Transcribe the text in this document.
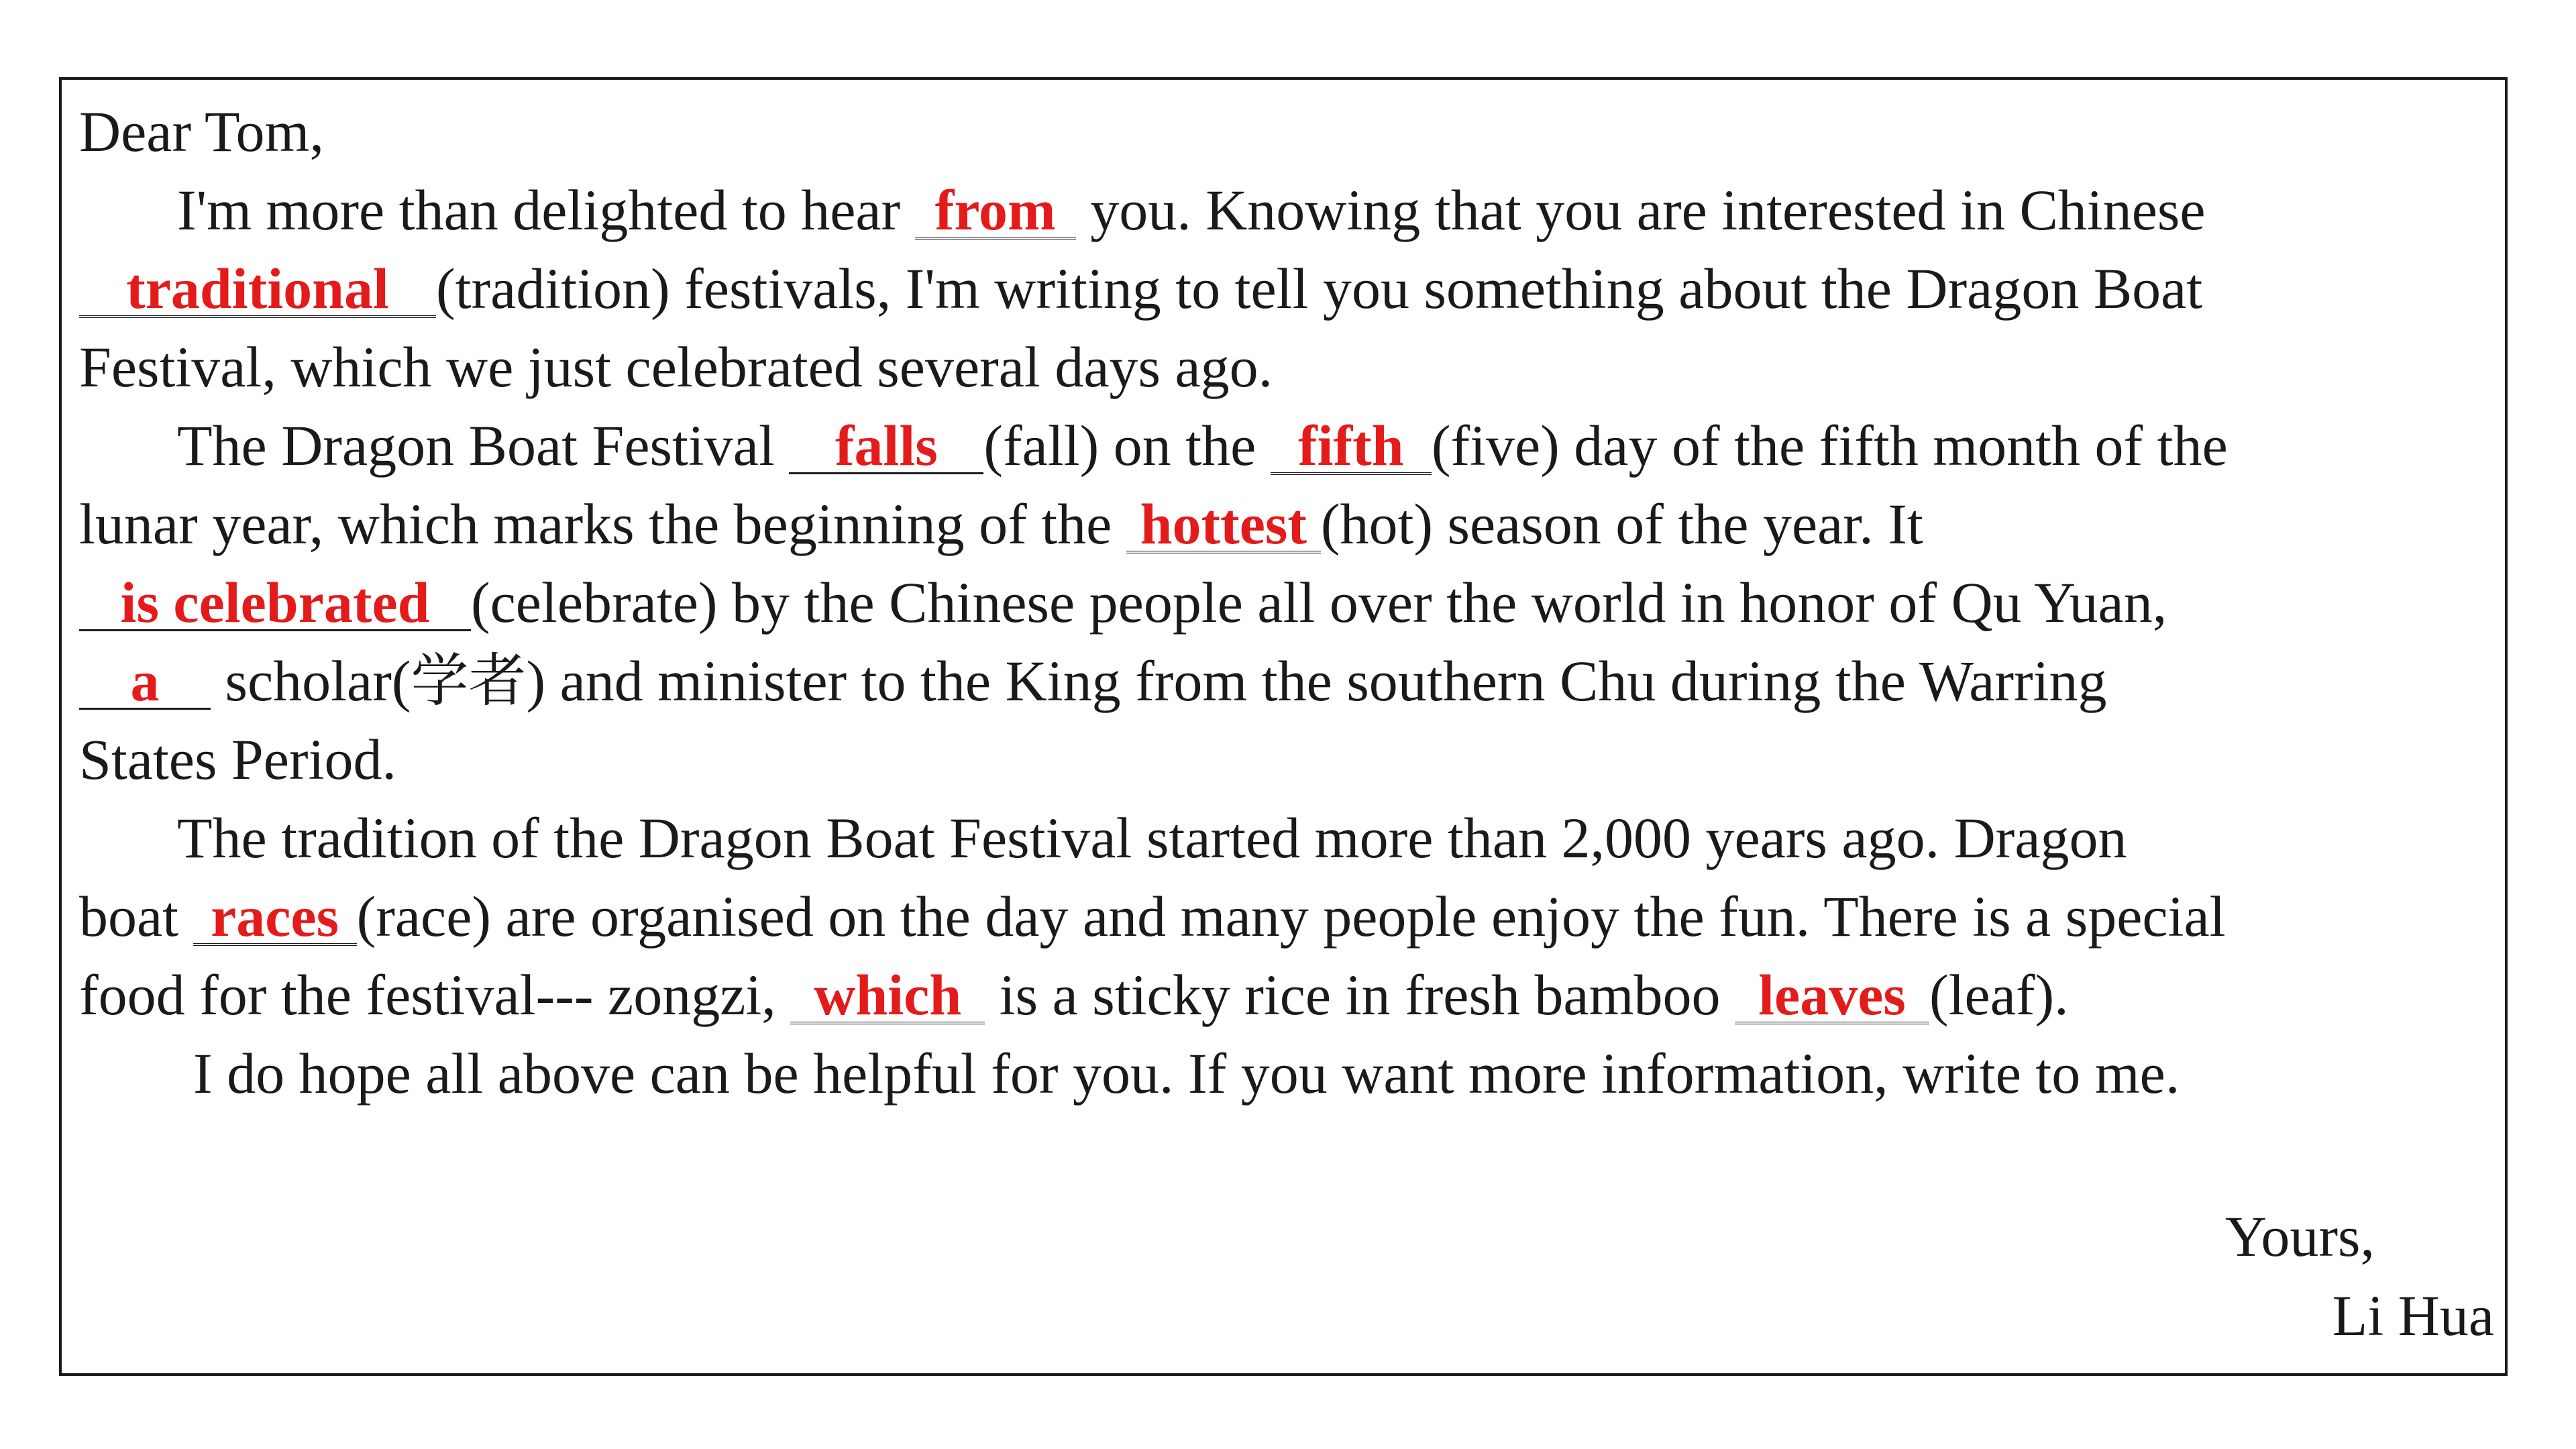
Dear Tom,
I'm more than delighted to hear from you. Knowing that you are interested in Chinese
traditional (tradition) festivals, I'm writing to tell you something about the Dragon Boat
Festival, which we just celebrated several days ago.
The Dragon Boat Festival falls (fall) on the fifth (five) day of the fifth month of the
lunar year, which marks the beginning of the hottest (hot) season of the year. It
is celebrated (celebrate) by the Chinese people all over the world in honor of Qu Yuan,
a scholar(学者) and minister to the King from the southern Chu during the Warring
States Period.
The tradition of the Dragon Boat Festival started more than 2,000 years ago. Dragon
boat races (race) are organised on the day and many people enjoy the fun. There is a special
food for the festival--- zongzi, which is a sticky rice in fresh bamboo leaves (leaf).
I do hope all above can be helpful for you. If you want more information, write to me.
Yours,
Li Hua
